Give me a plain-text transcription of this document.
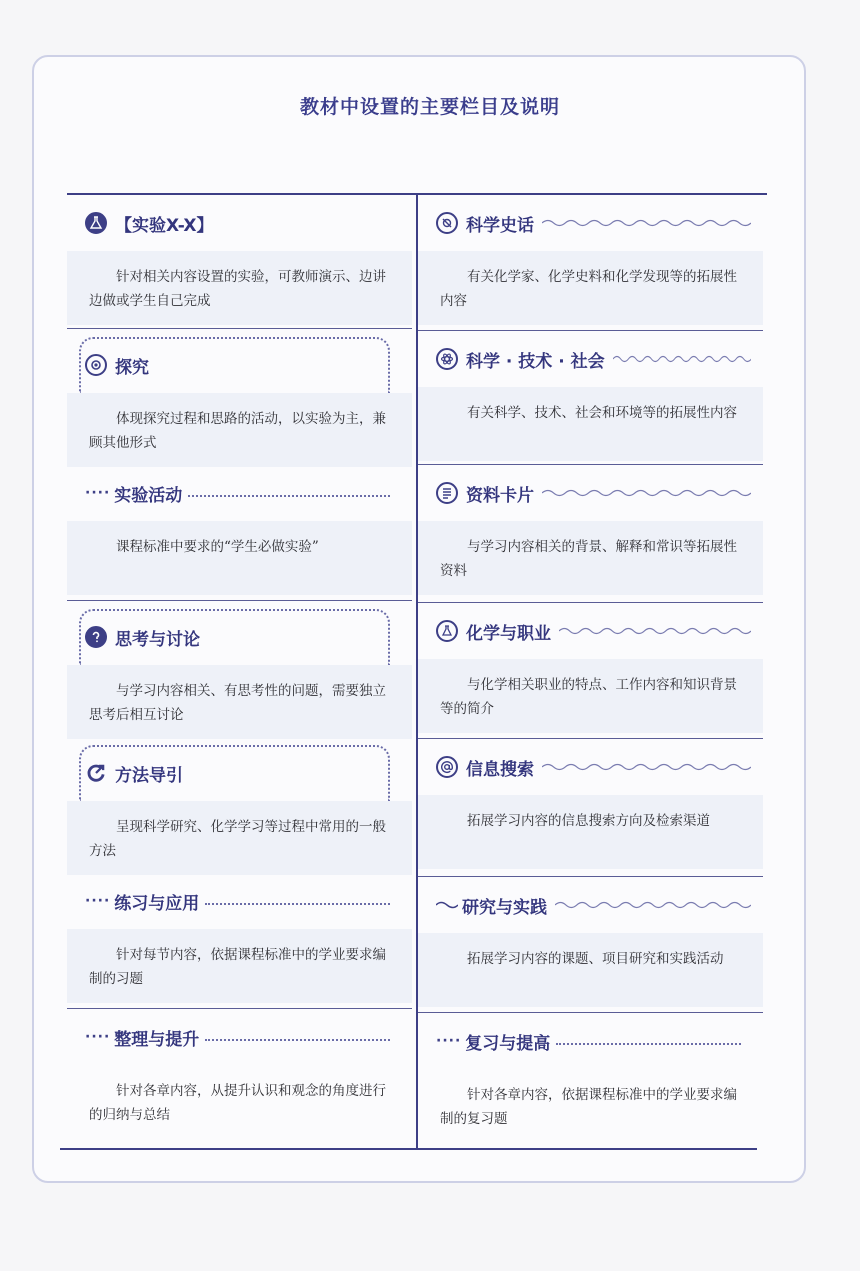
教材中设置的主要栏目及说明
【 实验X-X 】
针对相关内容设置的实验，可教师演示、边讲边做或学生自己完成
探究
体现探究过程和思路的活动，以实验为主，兼顾其他形式
···· 实验活动
课程标准中要求的“学生必做实验”
思考与讨论
与学习内容相关、有思考性的问题，需要独立思考后相互讨论
方法导引
呈现科学研究、化学学习等过程中常用的一般方法
···· 练习与应用
针对每节内容，依据课程标准中的学业要求编制的习题
···· 整理与提升
针对各章内容，从提升认识和观念的角度进行的归纳与总结
科学史话
有关化学家、化学史料和化学发现等的拓展性内容
科学 · 技术 · 社会
有关科学、技术、社会和环境等的拓展性内容
资料卡片
与学习内容相关的背景、解释和常识等拓展性资料
化学与职业
与化学相关职业的特点、工作内容和知识背景等的简介
信息搜索
拓展学习内容的信息搜索方向及检索渠道
研究与实践
拓展学习内容的课题、项目研究和实践活动
···· 复习与提高
针对各章内容，依据课程标准中的学业要求编制的复习题
